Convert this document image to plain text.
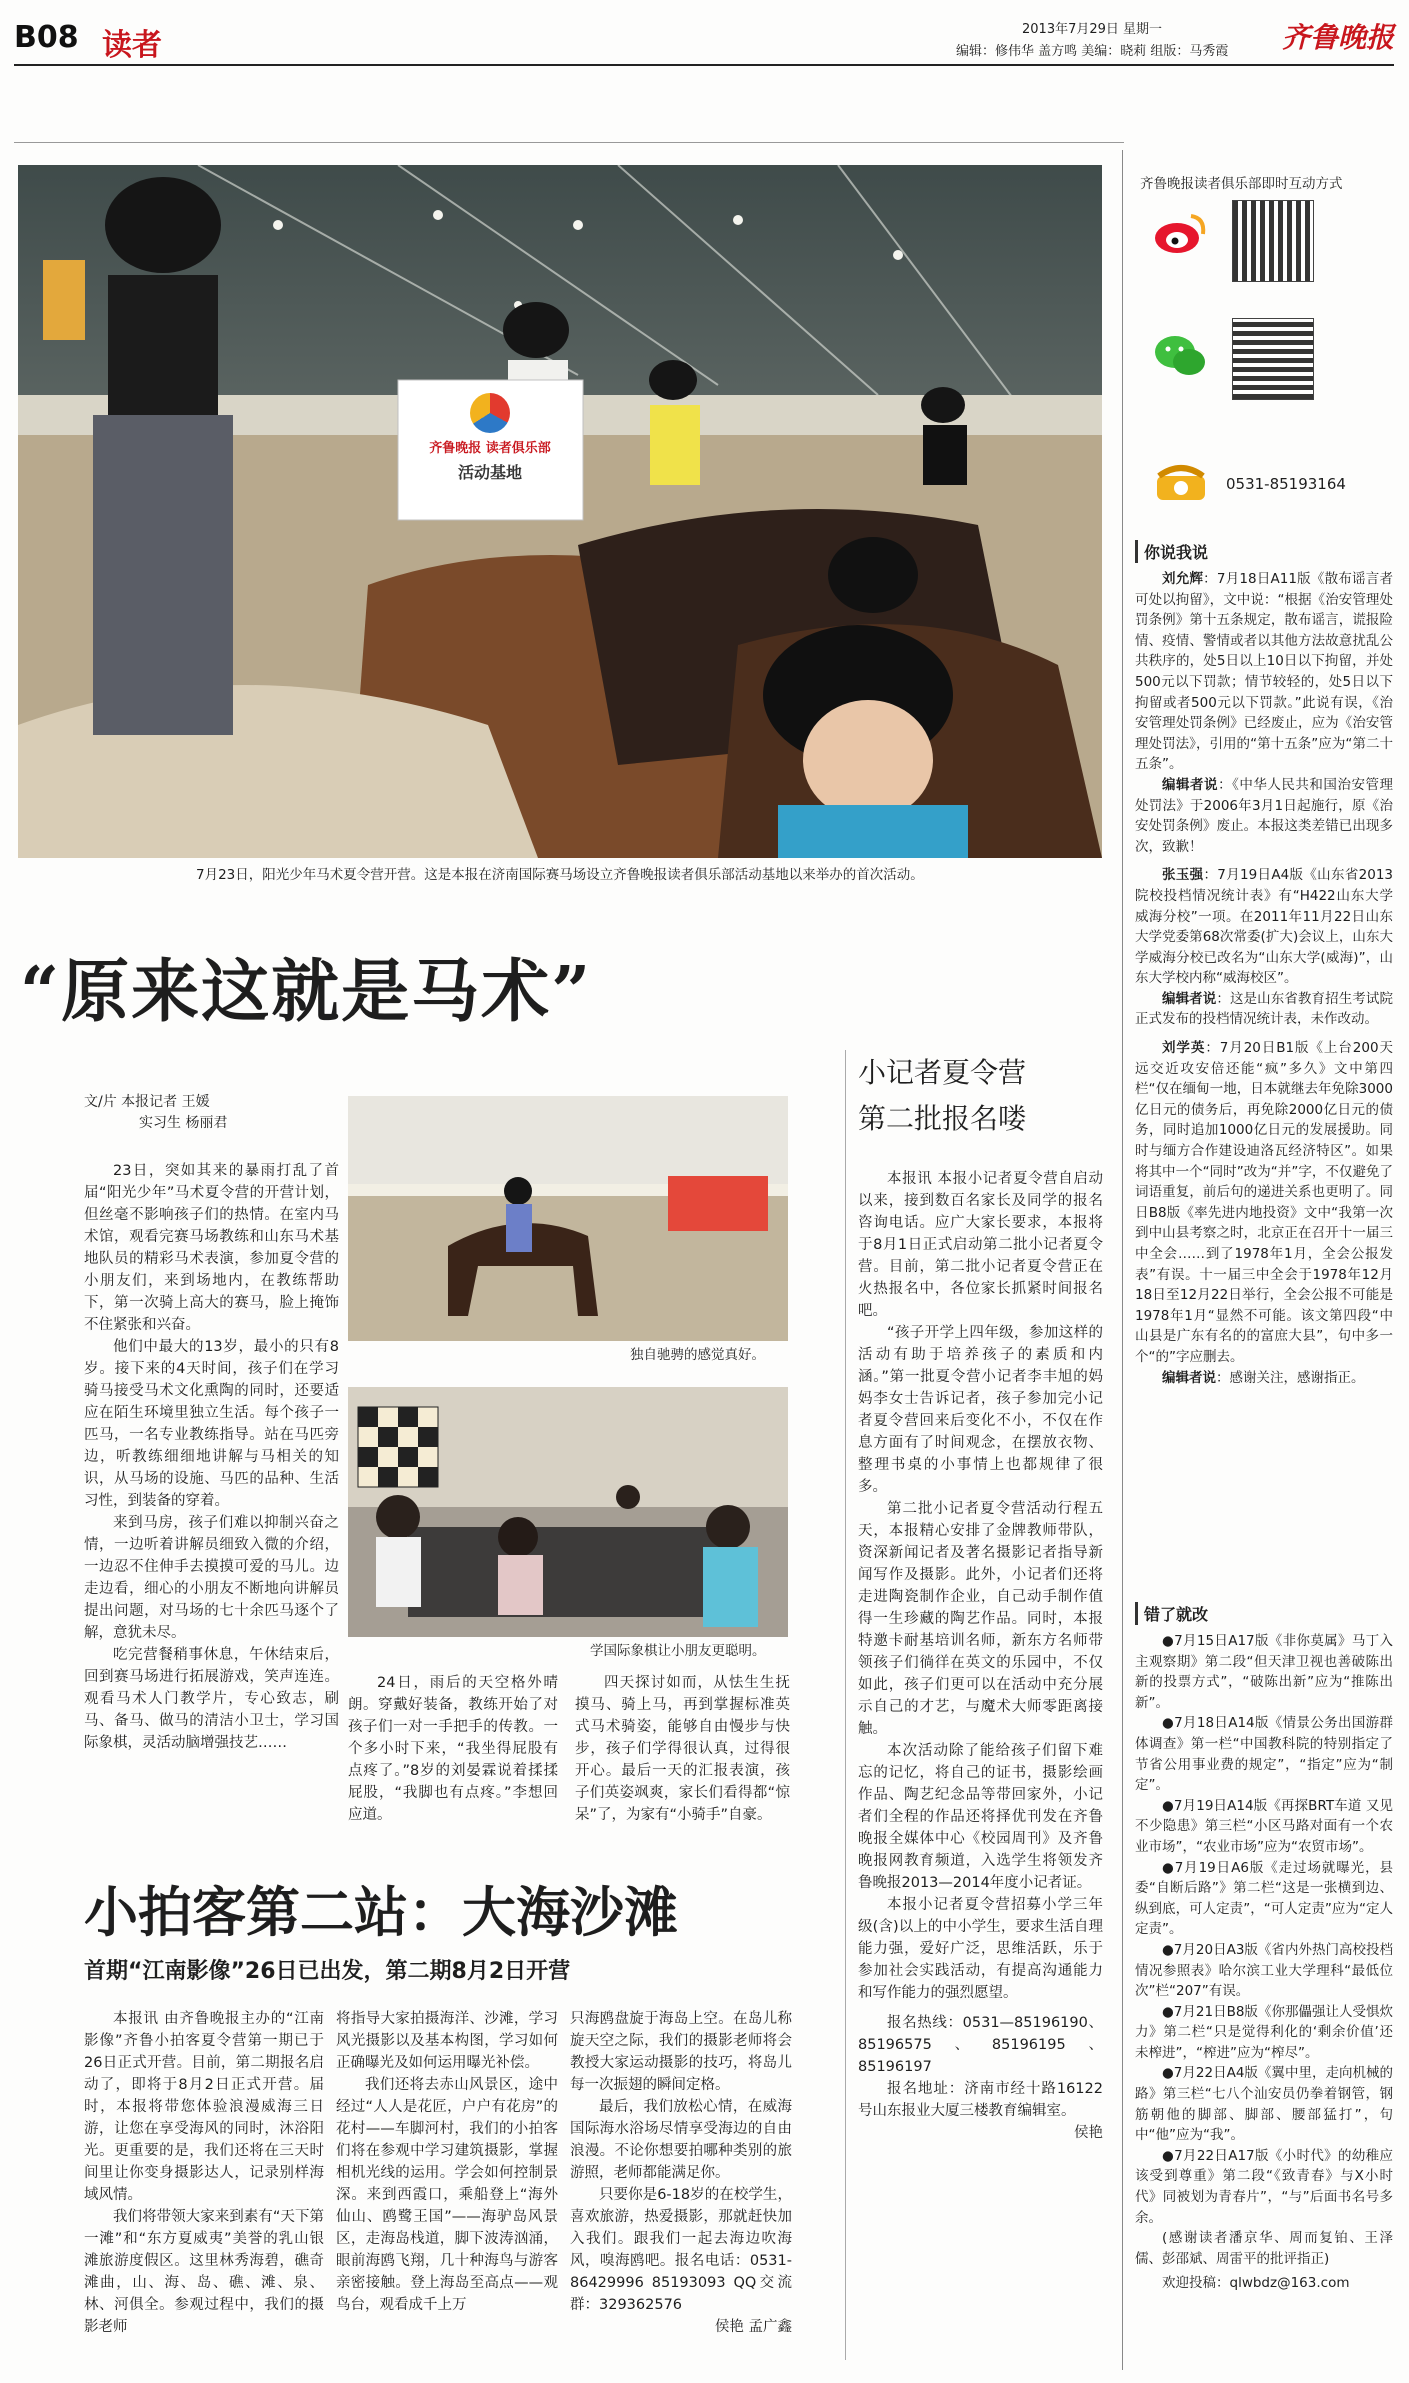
B08 读者	2013年7月29日 星期一
编辑：修伟华 盖方鸣 美编：晓莉 组版：马秀霞 齐鲁晚报
齐鲁晚报 读者俱乐部
活动基地
7月23日，阳光少年马术夏令营开营。这是本报在济南国际赛马场设立齐鲁晚报读者俱乐部活动基地以来举办的首次活动。
齐鲁晚报读者俱乐部即时互动方式
0531-85193164
你说我说

刘允辉：7月18日A11版《散布谣言者可处以拘留》，文中说：“根据《治安管理处罚条例》第十五条规定，散布谣言，谎报险情、疫情、警情或者以其他方法故意扰乱公共秩序的，处5日以上10日以下拘留，并处500元以下罚款；情节较轻的，处5日以下拘留或者500元以下罚款。”此说有误，《治安管理处罚条例》已经废止，应为《治安管理处罚法》，引用的“第十五条”应为“第二十五条”。

编辑者说：《中华人民共和国治安管理处罚法》于2006年3月1日起施行，原《治安处罚条例》废止。本报这类差错已出现多次，致歉！

张玉强：7月19日A4版《山东省2013院校投档情况统计表》有“H422山东大学威海分校”一项。在2011年11月22日山东大学党委第68次常委(扩大)会议上，山东大学威海分校已改名为“山东大学(威海)”，山东大学校内称“威海校区”。

编辑者说：这是山东省教育招生考试院正式发布的投档情况统计表，未作改动。

刘学英：7月20日B1版《上台200天远交近攻安倍还能“疯”多久》文中第四栏“仅在缅甸一地，日本就继去年免除3000亿日元的债务后，再免除2000亿日元的债务，同时追加1000亿日元的发展援助。同时与缅方合作建设迪洛瓦经济特区”。如果将其中一个“同时”改为“并”字，不仅避免了词语重复，前后句的递进关系也更明了。同日B8版《率先进内地投资》文中“我第一次到中山县考察之时，北京正在召开十一届三中全会……到了1978年1月，全会公报发表”有误。十一届三中全会于1978年12月18日至12月22日举行，全会公报不可能是1978年1月“显然不可能。该文第四段“中山县是广东有名的的富庶大县”，句中多一个“的”字应删去。

编辑者说：感谢关注，感谢指正。

错了就改

●7月15日A17版《非你莫属》马丁入主观察期》第二段“但天津卫视也善破陈出新的投票方式”，“破陈出新”应为“推陈出新”。

●7月18日A14版《情景公务出国游群体调查》第一栏“中国教科院的特别指定了节省公用事业费的规定”，“指定”应为“制定”。

●7月19日A14版《再探BRT车道 又见不少隐患》第三栏“小区马路对面有一个农业市场”，“农业市场”应为“农贸市场”。

●7月19日A6版《走过场就曝光，县委“自断后路”》第二栏“这是一张横到边、纵到底，可人定责”，“可人定责”应为“定人定责”。

●7月20日A3版《省内外热门高校投档情况参照表》哈尔滨工业大学理科“最低位次”栏“207”有误。

●7月21日B8版《你那儡强让人受惧炊力》第二栏“只是觉得利化的‘剩余价值’还未榨进”，“榨进”应为“榨尽”。

●7月22日A4版《翼中里，走向机械的路》第三栏“七八个汕安员仍拳着钢管，钢筋朝他的脚部、脚部、腰部猛打”，句中“他”应为“我”。

●7月22日A17版《小时代》的幼稚应该受到尊重》第二段“《致青春》与X小时代》同被划为青春片”，“与”后面书名号多余。

(感谢读者潘京华、周而复铂、王泽儒、彭邵斌、周雷平的批评指正)

欢迎投稿：qlwbdz@163.com

“原来这就是马术”
文/片 本报记者 王媛
实习生 杨丽君

23日，突如其来的暴雨打乱了首届“阳光少年”马术夏令营的开营计划，但丝毫不影响孩子们的热情。在室内马术馆，观看完赛马场教练和山东马术基地队员的精彩马术表演，参加夏令营的小朋友们，来到场地内，在教练帮助下，第一次骑上高大的赛马，脸上掩饰不住紧张和兴奋。

他们中最大的13岁，最小的只有8岁。接下来的4天时间，孩子们在学习骑马接受马术文化熏陶的同时，还要适应在陌生环境里独立生活。每个孩子一匹马，一名专业教练指导。站在马匹旁边，听教练细细地讲解与马相关的知识，从马场的设施、马匹的品种、生活习性，到装备的穿着。

来到马房，孩子们难以抑制兴奋之情，一边听着讲解员细致入微的介绍，一边忍不住伸手去摸摸可爱的马儿。边走边看，细心的小朋友不断地向讲解员提出问题，对马场的七十余匹马逐个了解，意犹未尽。

吃完营餐稍事休息，午休结束后，回到赛马场进行拓展游戏，笑声连连。观看马术人门教学片，专心致志，刷马、备马、做马的清洁小卫士，学习国际象棋，灵活动脑增强技艺……

独自驰骋的感觉真好。
学国际象棋让小朋友更聪明。

24日，雨后的天空格外晴朗。穿戴好装备，教练开始了对孩子们一对一手把手的传教。一个多小时下来，“我坐得屁股有点疼了。”8岁的刘晏霖说着揉揉屁股，“我脚也有点疼。”李想回应道。

四天探讨如而，从怯生生抚摸马、骑上马，再到掌握标准英式马术骑姿，能够自由慢步与快步，孩子们学得很认真，过得很开心。最后一天的汇报表演，孩子们英姿飒爽，家长们看得都“惊呆”了，为家有“小骑手”自豪。

小记者夏令营
第二批报名喽

本报讯 本报小记者夏令营自启动以来，接到数百名家长及同学的报名咨询电话。应广大家长要求，本报将于8月1日正式启动第二批小记者夏令营。目前，第二批小记者夏令营正在火热报名中，各位家长抓紧时间报名吧。

“孩子开学上四年级，参加这样的活动有助于培养孩子的素质和内涵。”第一批夏令营小记者李丰旭的妈妈李女士告诉记者，孩子参加完小记者夏令营回来后变化不小，不仅在作息方面有了时间观念，在摆放衣物、整理书桌的小事情上也都规律了很多。

第二批小记者夏令营活动行程五天，本报精心安排了金牌教师带队，资深新闻记者及著名摄影记者指导新闻写作及摄影。此外，小记者们还将走进陶瓷制作企业，自己动手制作值得一生珍藏的陶艺作品。同时，本报特邀卡耐基培训名师，新东方名师带领孩子们徜徉在英文的乐园中，不仅如此，孩子们更可以在活动中充分展示自己的才艺，与魔术大师零距离接触。

本次活动除了能给孩子们留下难忘的记忆，将自己的证书，摄影绘画作品、陶艺纪念品等带回家外，小记者们全程的作品还将择优刊发在齐鲁晚报全媒体中心《校园周刊》及齐鲁晚报网教育频道，入选学生将领发齐鲁晚报2013—2014年度小记者证。

本报小记者夏令营招募小学三年级(含)以上的中小学生，要求生活自理能力强，爱好广泛，思维活跃，乐于参加社会实践活动，有提高沟通能力和写作能力的强烈愿望。

报名热线：0531—85196190、85196575、85196195、85196197

报名地址：济南市经十路16122号山东报业大厦三楼教育编辑室。

侯艳

小拍客第二站：大海沙滩
首期“江南影像”26日已出发，第二期8月2日开营

本报讯 由齐鲁晚报主办的“江南影像”齐鲁小拍客夏令营第一期已于26日正式开营。目前，第二期报名启动了，即将于8月2日正式开营。届时，本报将带您体验浪漫威海三日游，让您在享受海风的同时，沐浴阳光。更重要的是，我们还将在三天时间里让你变身摄影达人，记录别样海域风情。

我们将带领大家来到素有“天下第一滩”和“东方夏威夷”美誉的乳山银滩旅游度假区。这里林秀海碧，礁奇滩曲，山、海、岛、礁、滩、泉、林、河俱全。参观过程中，我们的摄影老师

将指导大家拍摄海洋、沙滩，学习风光摄影以及基本构图，学习如何正确曝光及如何运用曝光补偿。

我们还将去赤山风景区，途中经过“人人是花匠，户户有花房”的花村——车脚河村，我们的小拍客们将在参观中学习建筑摄影，掌握相机光线的运用。学会如何控制景深。来到西霞口，乘船登上“海外仙山、鸥鹭王国”——海驴岛风景区，走海岛栈道，脚下波涛汹涌，眼前海鸥飞翔，几十种海鸟与游客亲密接触。登上海岛至高点——观鸟台，观看成千上万

只海鸥盘旋于海岛上空。在岛儿称旋天空之际，我们的摄影老师将会教授大家运动摄影的技巧，将岛儿每一次振翅的瞬间定格。

最后，我们放松心情，在威海国际海水浴场尽情享受海边的自由浪漫。不论你想要拍哪种类别的旅游照，老师都能满足你。

只要你是6-18岁的在校学生，喜欢旅游，热爱摄影，那就赶快加入我们。跟我们一起去海边吹海风，嗅海鸥吧。报名电话：0531-86429996 85193093 QQ交流群：329362576

侯艳 孟广鑫
